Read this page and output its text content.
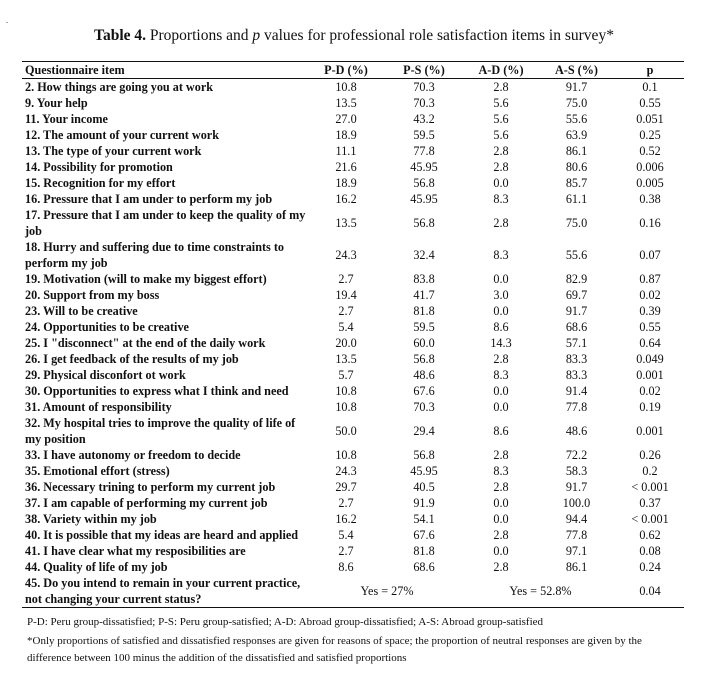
.
Table 4. Proportions and p values for professional role satisfaction items in survey*
Questionnaire item	P-D (%)	P-S (%)	A-D (%)	A-S (%)	p
2. How things are going you at work	10.8	70.3	2.8	91.7	0.1
9. Your help	13.5	70.3	5.6	75.0	0.55
11. Your income	27.0	43.2	5.6	55.6	0.051
12. The amount of your current work	18.9	59.5	5.6	63.9	0.25
13. The type of your current work	11.1	77.8	2.8	86.1	0.52
14. Possibility for promotion	21.6	45.95	2.8	80.6	0.006
15. Recognition for my effort	18.9	56.8	0.0	85.7	0.005
16. Pressure that I am under to perform my job	16.2	45.95	8.3	61.1	0.38
17. Pressure that I am under to keep the quality of my job	13.5	56.8	2.8	75.0	0.16
18. Hurry and suffering due to time constraints to perform my job	24.3	32.4	8.3	55.6	0.07
19. Motivation (will to make my biggest effort)	2.7	83.8	0.0	82.9	0.87
20. Support from my boss	19.4	41.7	3.0	69.7	0.02
23. Will to be creative	2.7	81.8	0.0	91.7	0.39
24. Opportunities to be creative	5.4	59.5	8.6	68.6	0.55
25. I "disconnect" at the end of the daily work	20.0	60.0	14.3	57.1	0.64
26. I get feedback of the results of my job	13.5	56.8	2.8	83.3	0.049
29. Physical disconfort ot work	5.7	48.6	8.3	83.3	0.001
30. Opportunities to express what I think and need	10.8	67.6	0.0	91.4	0.02
31. Amount of responsibility	10.8	70.3	0.0	77.8	0.19
32. My hospital tries to improve the quality of life of my position	50.0	29.4	8.6	48.6	0.001
33. I have autonomy or freedom to decide	10.8	56.8	2.8	72.2	0.26
35. Emotional effort (stress)	24.3	45.95	8.3	58.3	0.2
36. Necessary trining to perform my current job	29.7	40.5	2.8	91.7	< 0.001
37. I am capable of performing my current job	2.7	91.9	0.0	100.0	0.37
38. Variety within my job	16.2	54.1	0.0	94.4	< 0.001
40. It is possible that my ideas are heard and applied	5.4	67.6	2.8	77.8	0.62
41. I have clear what my resposibilities are	2.7	81.8	0.0	97.1	0.08
44. Quality of life of my job	8.6	68.6	2.8	86.1	0.24
45. Do you intend to remain in your current practice, not changing your current status?	Yes = 27%		Yes = 52.8%		0.04
P-D: Peru group-dissatisfied; P-S: Peru group-satisfied; A-D: Abroad group-dissatisfied; A-S: Abroad group-satisfied
*Only proportions of satisfied and dissatisfied responses are given for reasons of space; the proportion of neutral responses are given by the difference between 100 minus the addition of the dissatisfied and satisfied proportions
